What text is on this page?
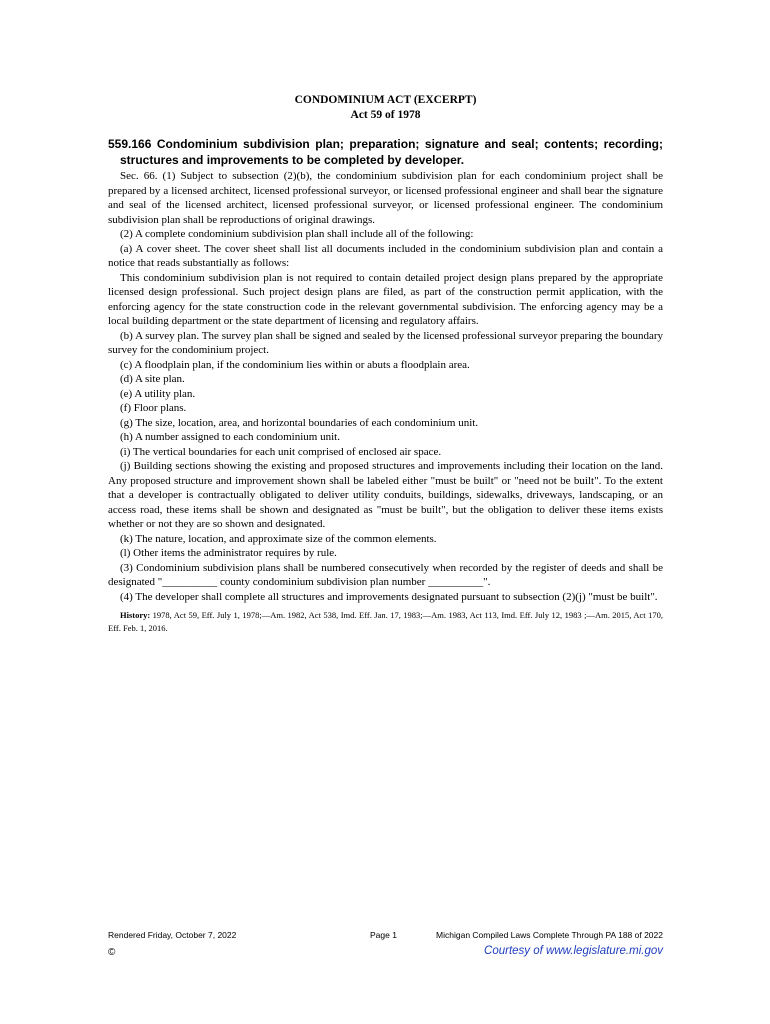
CONDOMINIUM ACT (EXCERPT)
Act 59 of 1978
559.166 Condominium subdivision plan; preparation; signature and seal; contents; recording; structures and improvements to be completed by developer.

Sec. 66. (1) Subject to subsection (2)(b), the condominium subdivision plan for each condominium project shall be prepared by a licensed architect, licensed professional surveyor, or licensed professional engineer and shall bear the signature and seal of the licensed architect, licensed professional surveyor, or licensed professional engineer. The condominium subdivision plan shall be reproductions of original drawings.

(2) A complete condominium subdivision plan shall include all of the following:

(a) A cover sheet. The cover sheet shall list all documents included in the condominium subdivision plan and contain a notice that reads substantially as follows:

This condominium subdivision plan is not required to contain detailed project design plans prepared by the appropriate licensed design professional. Such project design plans are filed, as part of the construction permit application, with the enforcing agency for the state construction code in the relevant governmental subdivision. The enforcing agency may be a local building department or the state department of licensing and regulatory affairs.

(b) A survey plan. The survey plan shall be signed and sealed by the licensed professional surveyor preparing the boundary survey for the condominium project.

(c) A floodplain plan, if the condominium lies within or abuts a floodplain area.

(d) A site plan.

(e) A utility plan.

(f) Floor plans.

(g) The size, location, area, and horizontal boundaries of each condominium unit.

(h) A number assigned to each condominium unit.

(i) The vertical boundaries for each unit comprised of enclosed air space.

(j) Building sections showing the existing and proposed structures and improvements including their location on the land. Any proposed structure and improvement shown shall be labeled either "must be built" or "need not be built". To the extent that a developer is contractually obligated to deliver utility conduits, buildings, sidewalks, driveways, landscaping, or an access road, these items shall be shown and designated as "must be built", but the obligation to deliver these items exists whether or not they are so shown and designated.

(k) The nature, location, and approximate size of the common elements.

(l) Other items the administrator requires by rule.

(3) Condominium subdivision plans shall be numbered consecutively when recorded by the register of deeds and shall be designated "__________ county condominium subdivision plan number __________".

(4) The developer shall complete all structures and improvements designated pursuant to subsection (2)(j) "must be built".

History: 1978, Act 59, Eff. July 1, 1978;—Am. 1982, Act 538, Imd. Eff. Jan. 17, 1983;—Am. 1983, Act 113, Imd. Eff. July 12, 1983 ;—Am. 2015, Act 170, Eff. Feb. 1, 2016.
Rendered Friday, October 7, 2022	Page 1	Michigan Compiled Laws Complete Through PA 188 of 2022
©	Courtesy of www.legislature.mi.gov
